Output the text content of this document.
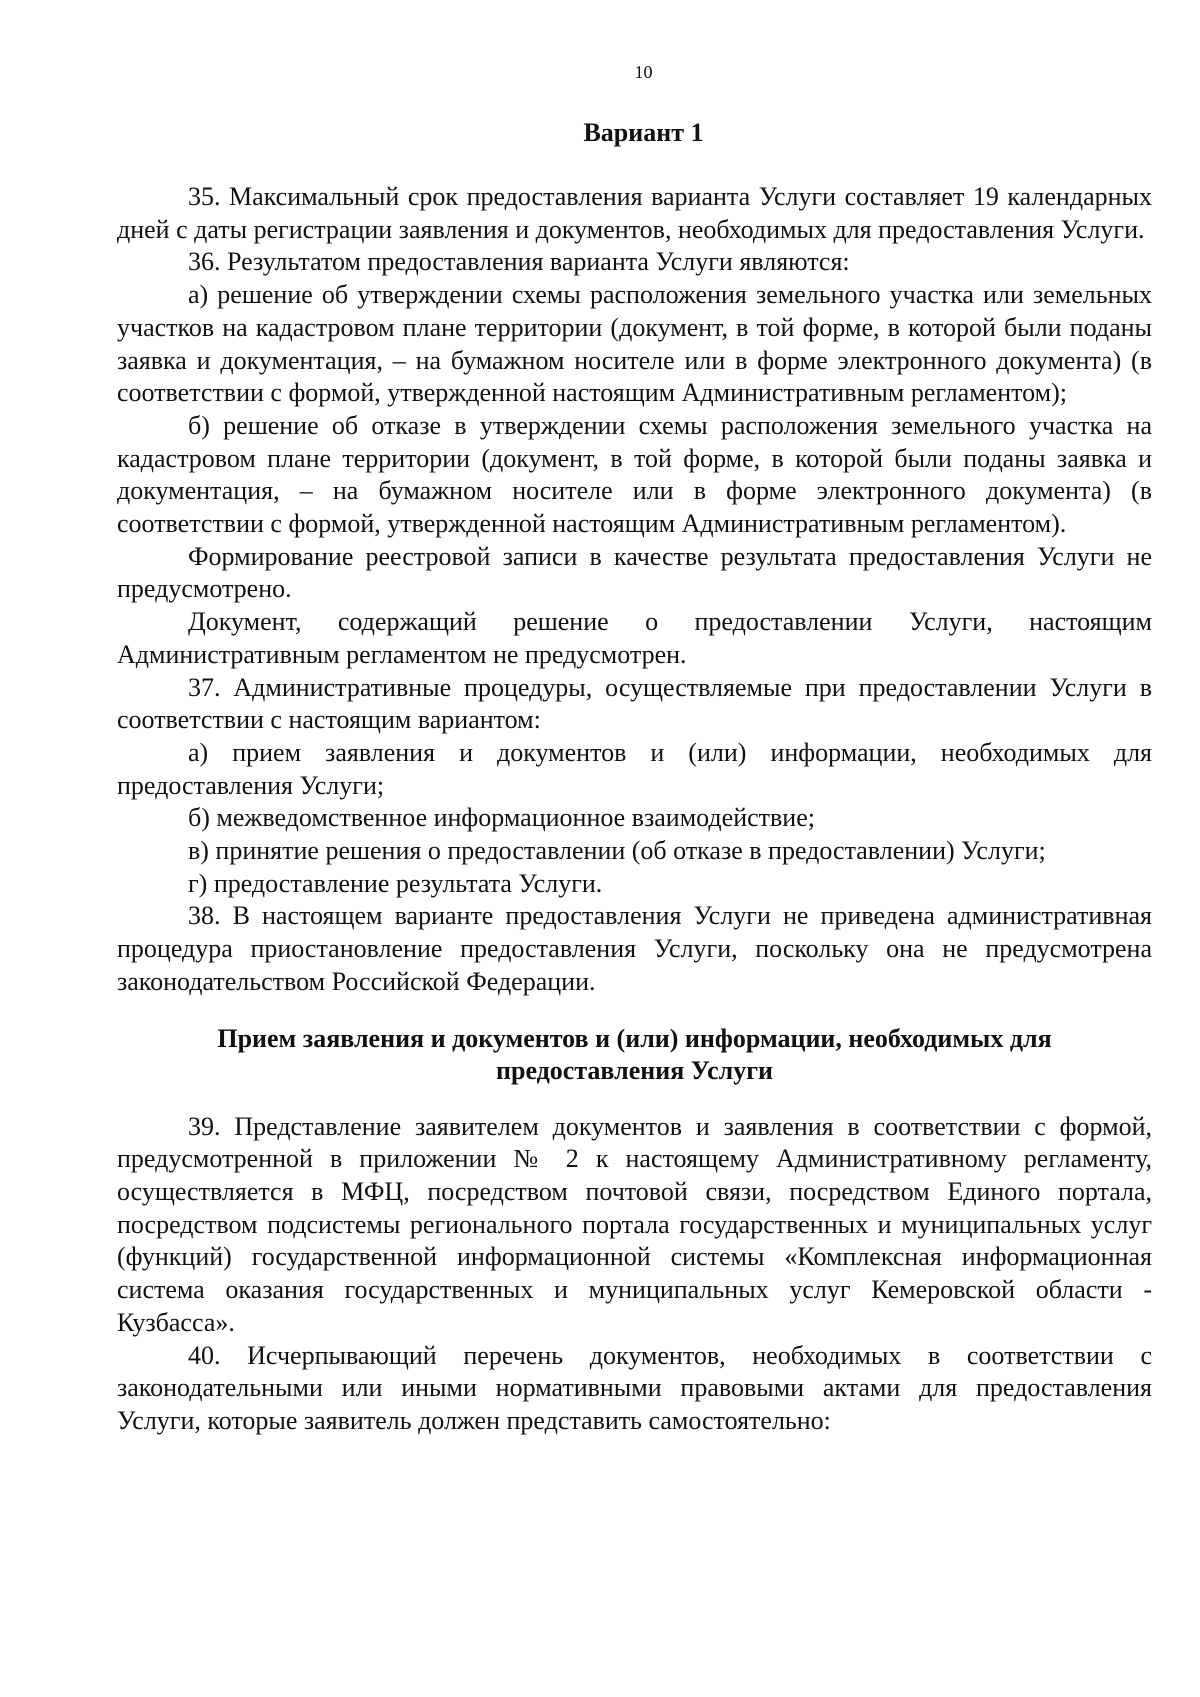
10
Вариант 1

35. Максимальный срок предоставления варианта Услуги составляет 19 календарных дней с даты регистрации заявления и документов, необходимых для предоставления Услуги.

36. Результатом предоставления варианта Услуги являются:

а) решение об утверждении схемы расположения земельного участка или земельных участков на кадастровом плане территории (документ, в той форме, в которой были поданы заявка и документация, – на бумажном носителе или в форме электронного документа) (в соответствии с формой, утвержденной настоящим Административным регламентом);

б) решение об отказе в утверждении схемы расположения земельного участка на кадастровом плане территории (документ, в той форме, в которой были поданы заявка и документация, – на бумажном носителе или в форме электронного документа) (в соответствии с формой, утвержденной настоящим Административным регламентом).

Формирование реестровой записи в качестве результата предоставления Услуги не предусмотрено.

Документ, содержащий решение о предоставлении Услуги, настоящим Административным регламентом не предусмотрен.

37. Административные процедуры, осуществляемые при предоставлении Услуги в соответствии с настоящим вариантом:

а) прием заявления и документов и (или) информации, необходимых для предоставления Услуги;

б) межведомственное информационное взаимодействие;

в) принятие решения о предоставлении (об отказе в предоставлении) Услуги;

г) предоставление результата Услуги.

38. В настоящем варианте предоставления Услуги не приведена административная процедура приостановление предоставления Услуги, поскольку она не предусмотрена законодательством Российской Федерации.

Прием заявления и документов и (или) информации, необходимых для
предоставления Услуги

39. Представление заявителем документов и заявления в соответствии с формой, предусмотренной в приложении № 2 к настоящему Административному регламенту, осуществляется в МФЦ, посредством почтовой связи, посредством Единого портала, посредством подсистемы регионального портала государственных и муниципальных услуг (функций) государственной информационной системы «Комплексная информационная система оказания государственных и муниципальных услуг Кемеровской области - Кузбасса».

40. Исчерпывающий перечень документов, необходимых в соответствии с законодательными или иными нормативными правовыми актами для предоставления Услуги, которые заявитель должен представить самостоятельно:
